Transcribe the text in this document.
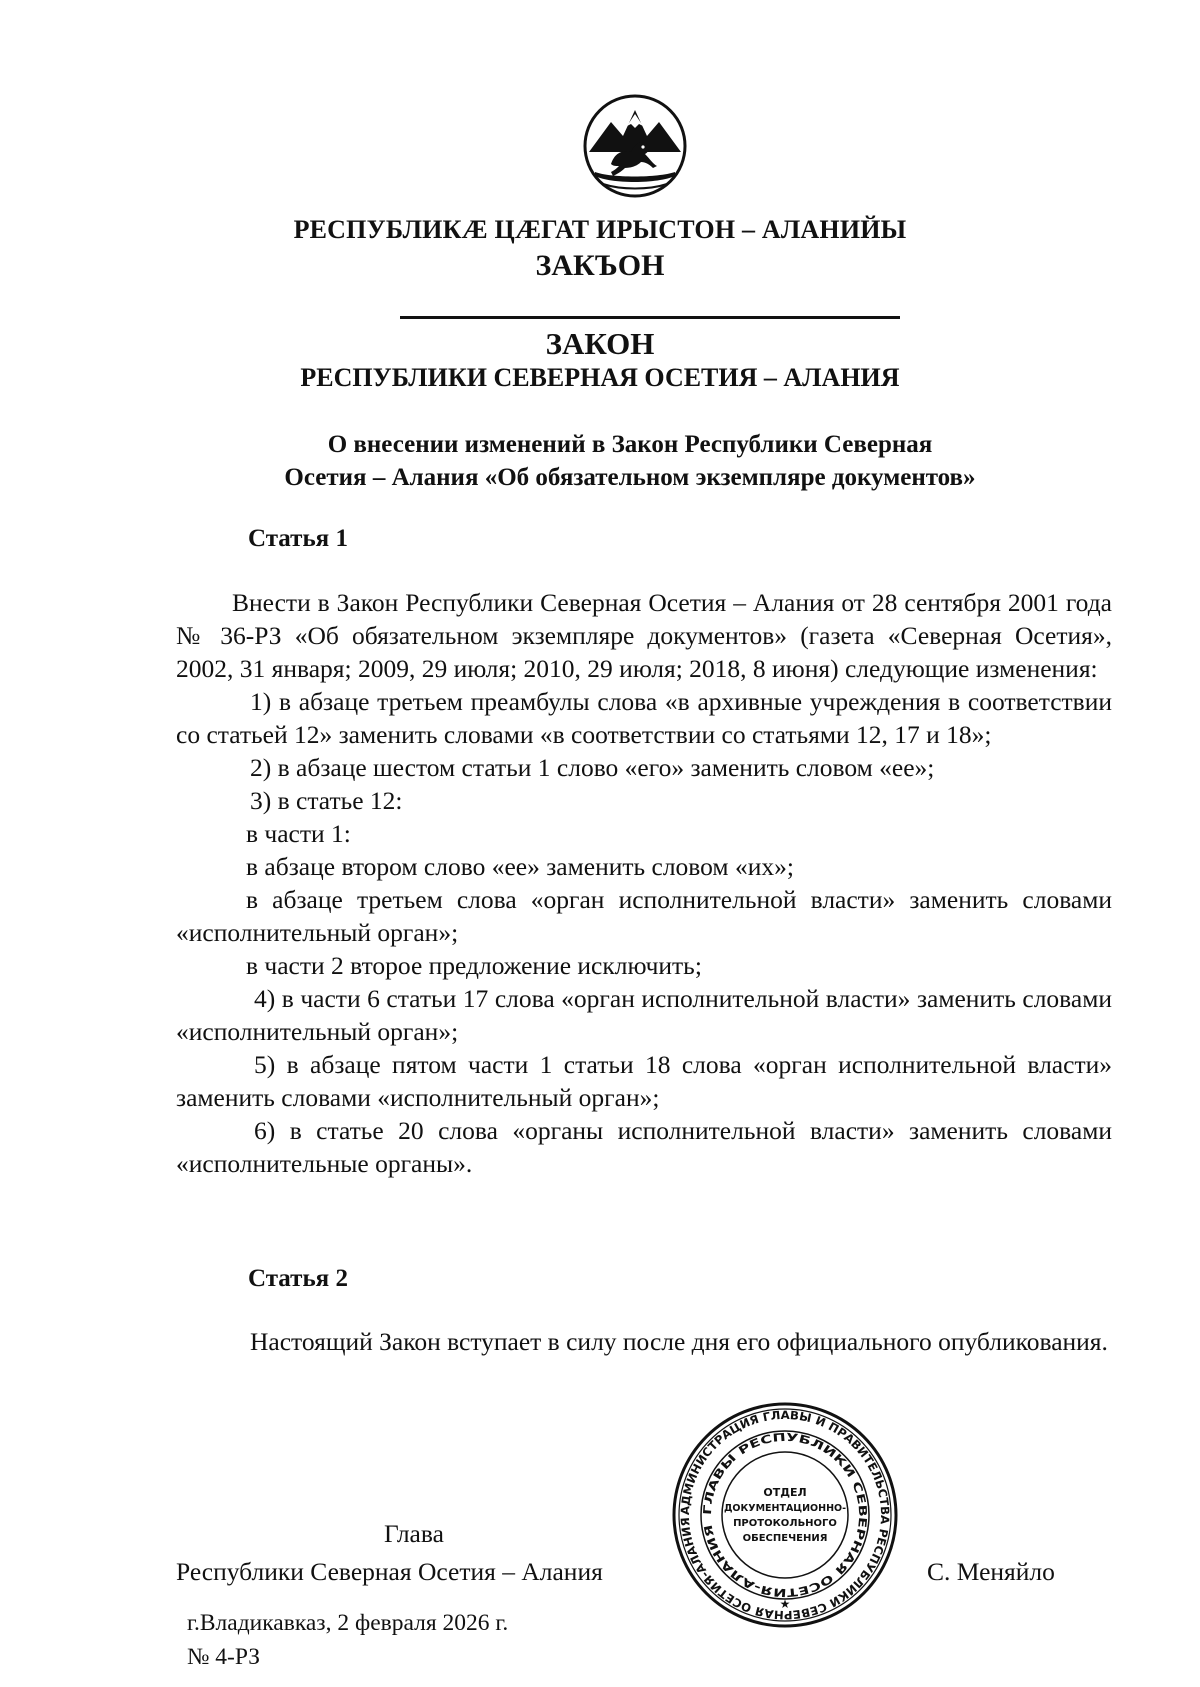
РЕСПУБЛИКÆ ЦÆГАТ ИРЫСТОН – АЛАНИЙЫ
ЗАКЪОН
ЗАКОН
РЕСПУБЛИКИ СЕВЕРНАЯ ОСЕТИЯ – АЛАНИЯ
О внесении изменений в Закон Республики Северная
Осетия – Алания «Об обязательном экземпляре документов»
Статья 1

Внести в Закон Республики Северная Осетия – Алания от 28 сентября 2001 года № 36-РЗ «Об обязательном экземпляре документов» (газета «Северная Осетия», 2002, 31 января; 2009, 29 июля; 2010, 29 июля; 2018, 8 июня) следующие изменения:

1) в абзаце третьем преамбулы слова «в архивные учреждения в соответствии со статьей 12» заменить словами «в соответствии со статьями 12, 17 и 18»;

2) в абзаце шестом статьи 1 слово «его» заменить словом «ее»;

3) в статье 12:

в части 1:

в абзаце втором слово «ее» заменить словом «их»;

в абзаце третьем слова «орган исполнительной власти» заменить словами «исполнительный орган»;

в части 2 второе предложение исключить;

4) в части 6 статьи 17 слова «орган исполнительной власти» заменить словами «исполнительный орган»;

5) в абзаце пятом части 1 статьи 18 слова «орган исполнительной власти» заменить словами «исполнительный орган»;

6) в статье 20 слова «органы исполнительной власти» заменить словами «исполнительные органы».

Статья 2

Настоящий Закон вступает в силу после дня его официального опубликования.

Глава
Республики Северная Осетия – Алания	С. Меняйло
г.Владикавказ, 2 февраля 2026 г.
№ 4-РЗ
АДМИНИСТРАЦИЯ ГЛАВЫ И ПРАВИТЕЛЬСТВА РЕСПУБЛИКИ СЕВЕРНАЯ ОСЕТИЯ-АЛАНИЯ
ГЛАВЫ РЕСПУБЛИКИ СЕВЕРНАЯ ОСЕТИЯ-АЛАНИЯ
ОТДЕЛ
ДОКУМЕНТАЦИОННО-
ПРОТОКОЛЬНОГО
ОБЕСПЕЧЕНИЯ
★
